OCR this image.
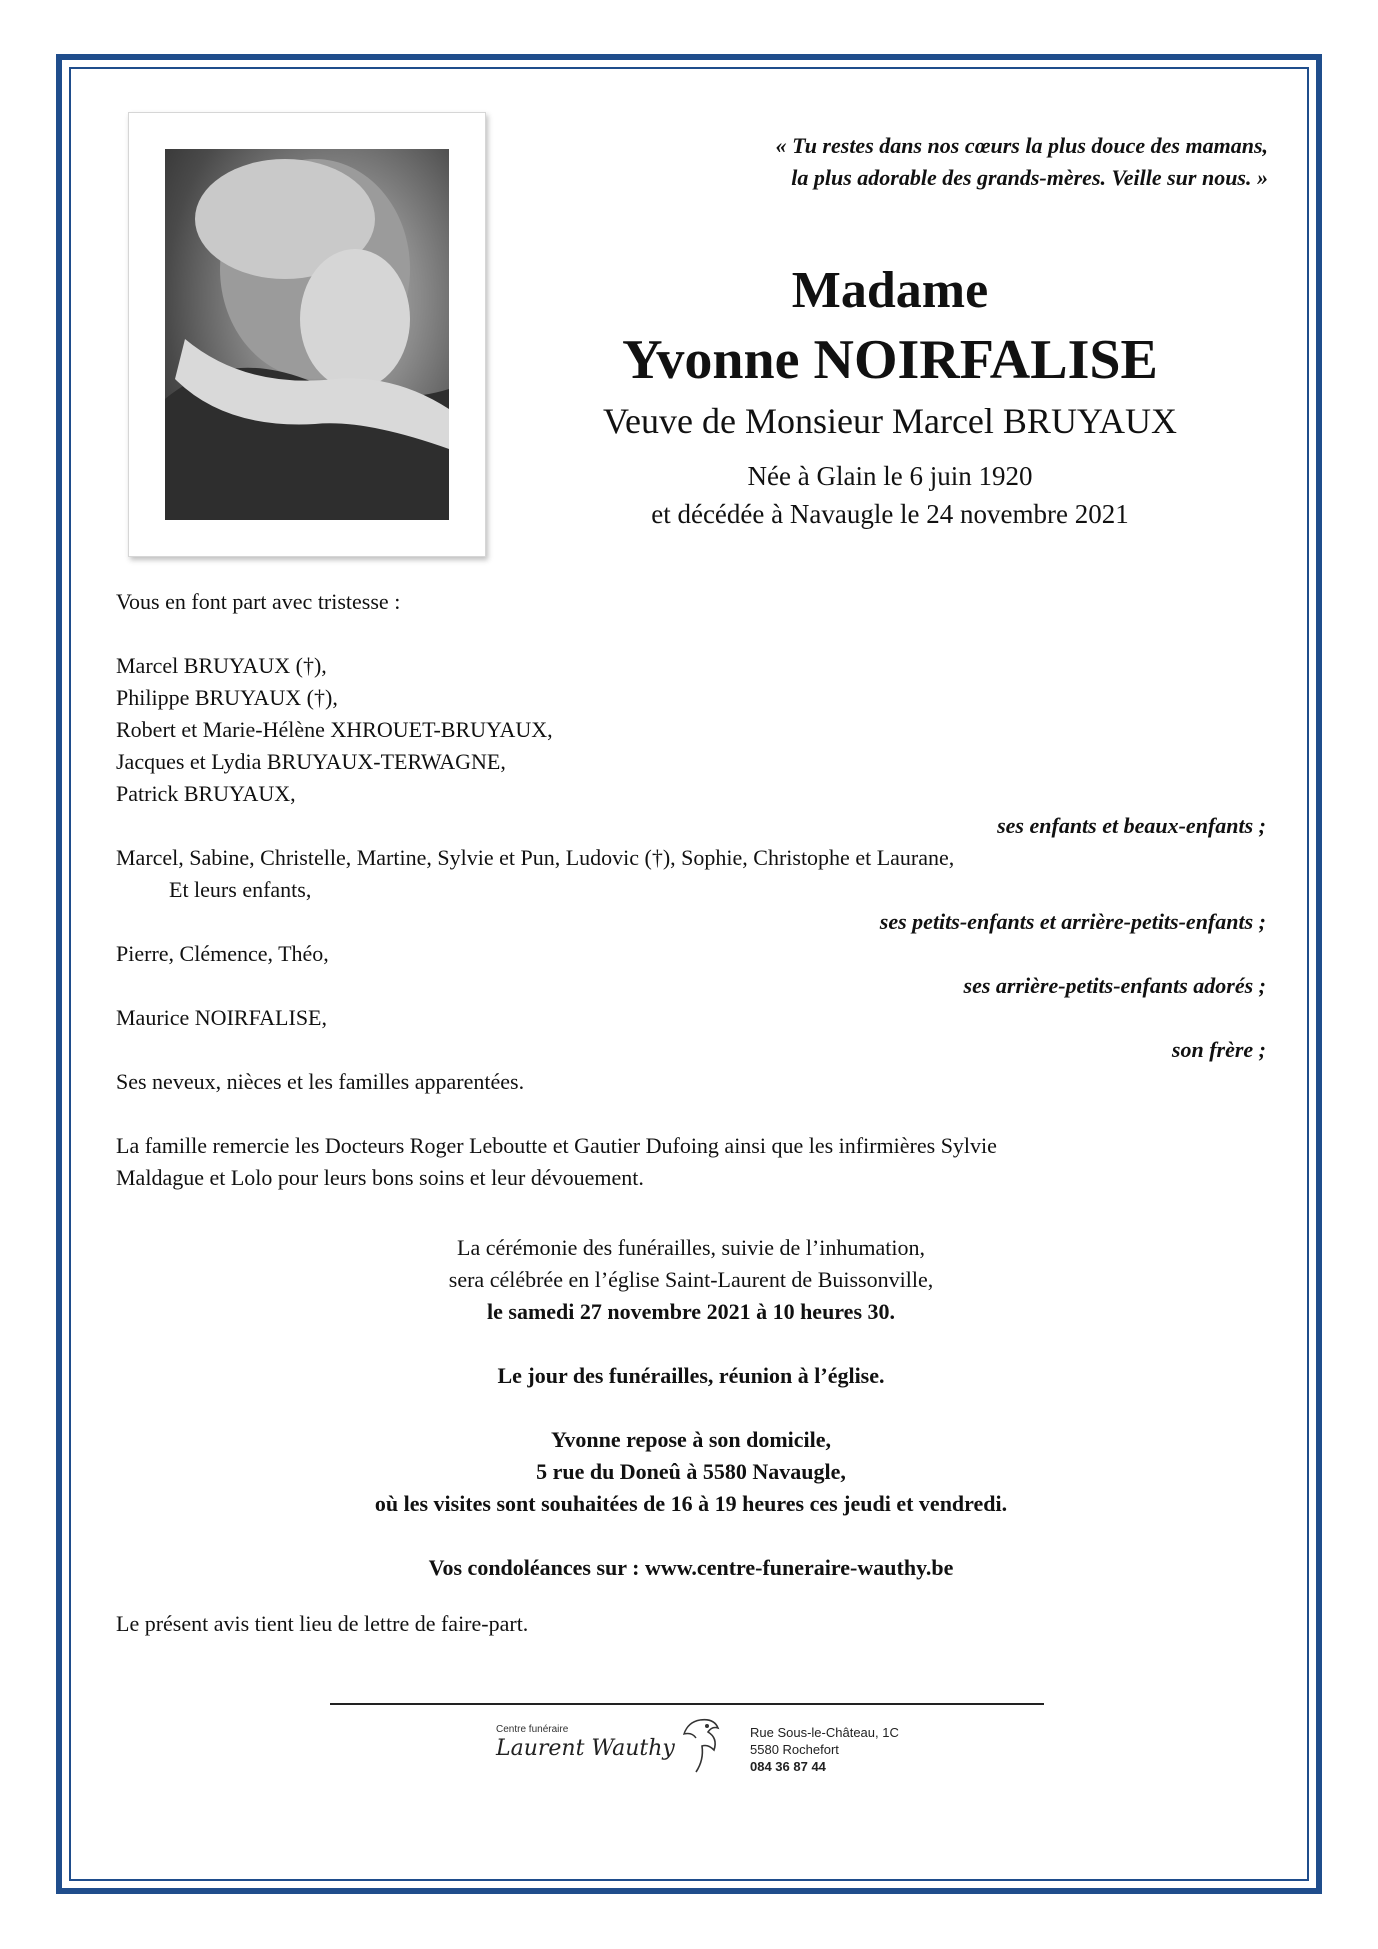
« Tu restes dans nos cœurs la plus douce des mamans,
la plus adorable des grands-mères. Veille sur nous. »
Madame
Yvonne NOIRFALISE
Veuve de Monsieur Marcel BRUYAUX
Née à Glain le 6 juin 1920
et décédée à Navaugle le 24 novembre 2021
Vous en font part avec tristesse :
Marcel BRUYAUX (†),
Philippe BRUYAUX (†),
Robert et Marie-Hélène XHROUET-BRUYAUX,
Jacques et Lydia BRUYAUX-TERWAGNE,
Patrick BRUYAUX,
ses enfants et beaux-enfants ;
Marcel, Sabine, Christelle, Martine, Sylvie et Pun, Ludovic (†), Sophie, Christophe et Laurane,
Et leurs enfants,
ses petits-enfants et arrière-petits-enfants ;
Pierre, Clémence, Théo,
ses arrière-petits-enfants adorés ;
Maurice NOIRFALISE,
son frère ;
Ses neveux, nièces et les familles apparentées.
La famille remercie les Docteurs Roger Leboutte et Gautier Dufoing ainsi que les infirmières Sylvie
Maldague et Lolo pour leurs bons soins et leur dévouement.
La cérémonie des funérailles, suivie de l’inhumation,
sera célébrée en l’église Saint-Laurent de Buissonville,
le samedi 27 novembre 2021 à 10 heures 30.
Le jour des funérailles, réunion à l’église.
Yvonne repose à son domicile,
5 rue du Doneû à 5580 Navaugle,
où les visites sont souhaitées de 16 à 19 heures ces jeudi et vendredi.
Vos condoléances sur : www.centre-funeraire-wauthy.be
Le présent avis tient lieu de lettre de faire-part.
Centre funéraire
Laurent Wauthy
Rue Sous-le-Château, 1C
5580 Rochefort
084 36 87 44
